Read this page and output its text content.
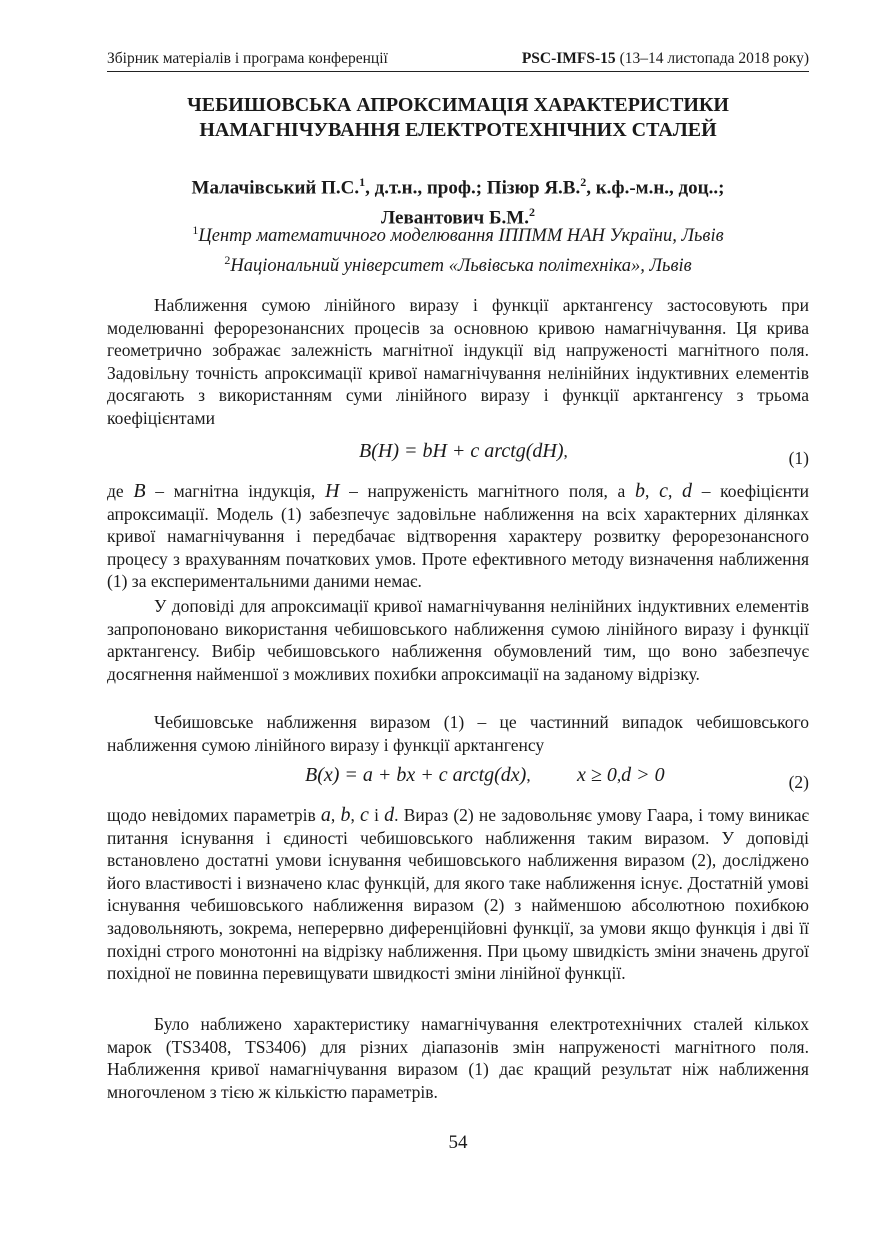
Збірник матеріалів і програма конференції	PSC-IMFS-15 (13–14 листопада 2018 року)
ЧЕБИШОВСЬКА АПРОКСИМАЦІЯ ХАРАКТЕРИСТИКИ
НАМАГНІЧУВАННЯ ЕЛЕКТРОТЕХНІЧНИХ СТАЛЕЙ
Малачівський П.С.$^1$, д.т.н., проф.; Пізюр Я.В.$^2$, к.ф.-м.н., доц..;
Левантович Б.М.$^2$
$^1$Центр математичного моделювання ІППММ НАН України, Львів
$^2$Національний університет «Львівська політехніка», Львів

Наближення сумою лінійного виразу і функції арктангенсу застосовують при моделюванні ферорезонансних процесів за основною кривою намагнічування. Ця крива геометрично зображає залежність магнітної індукції від напруженості магнітного поля. Задовільну точність апроксимації кривої намагнічування нелінійних індуктивних елементів досягають з використанням суми лінійного виразу і функції арктангенсу з трьома коефіцієнтами

B(H) = bH + c arctg(dH),	(1)

де B – магнітна індукція, H – напруженість магнітного поля, а b, c, d – коефіцієнти апроксимації. Модель (1) забезпечує задовільне наближення на всіх характерних ділянках кривої намагнічування і передбачає відтворення характеру розвитку ферорезонансного процесу з врахуванням початкових умов. Проте ефективного методу визначення наближення (1) за експериментальними даними немає.

У доповіді для апроксимації кривої намагнічування нелінійних індуктивних елементів запропоновано використання чебишовського наближення сумою лінійного виразу і функції арктангенсу. Вибір чебишовського наближення обумовлений тим, що воно забезпечує досягнення найменшої з можливих похибки апроксимації на заданому відрізку.

Чебишовське наближення виразом (1) – це частинний випадок чебишовського наближення сумою лінійного виразу і функції арктангенсу

B(x) = a + bx + c arctg(dx), x ≥ 0,d > 0	(2)

щодо невідомих параметрів a, b, c і d. Вираз (2) не задовольняє умову Гаара, і тому виникає питання існування і єдиності чебишовського наближення таким виразом. У доповіді встановлено достатні умови існування чебишовського наближення виразом (2), досліджено його властивості і визначено клас функцій, для якого таке наближення існує. Достатній умові існування чебишовського наближення виразом (2) з найменшою абсолютною похибкою задовольняють, зокрема, неперервно диференційовні функції, за умови якщо функція і дві її похідні строго монотонні на відрізку наближення. При цьому швидкість зміни значень другої похідної не повинна перевищувати швидкості зміни лінійної функції.

Було наближено характеристику намагнічування електротехнічних сталей кількох марок (TS3408, TS3406) для різних діапазонів змін напруженості магнітного поля. Наближення кривої намагнічування виразом (1) дає кращий результат ніж наближення многочленом з тією ж кількістю параметрів.

54
